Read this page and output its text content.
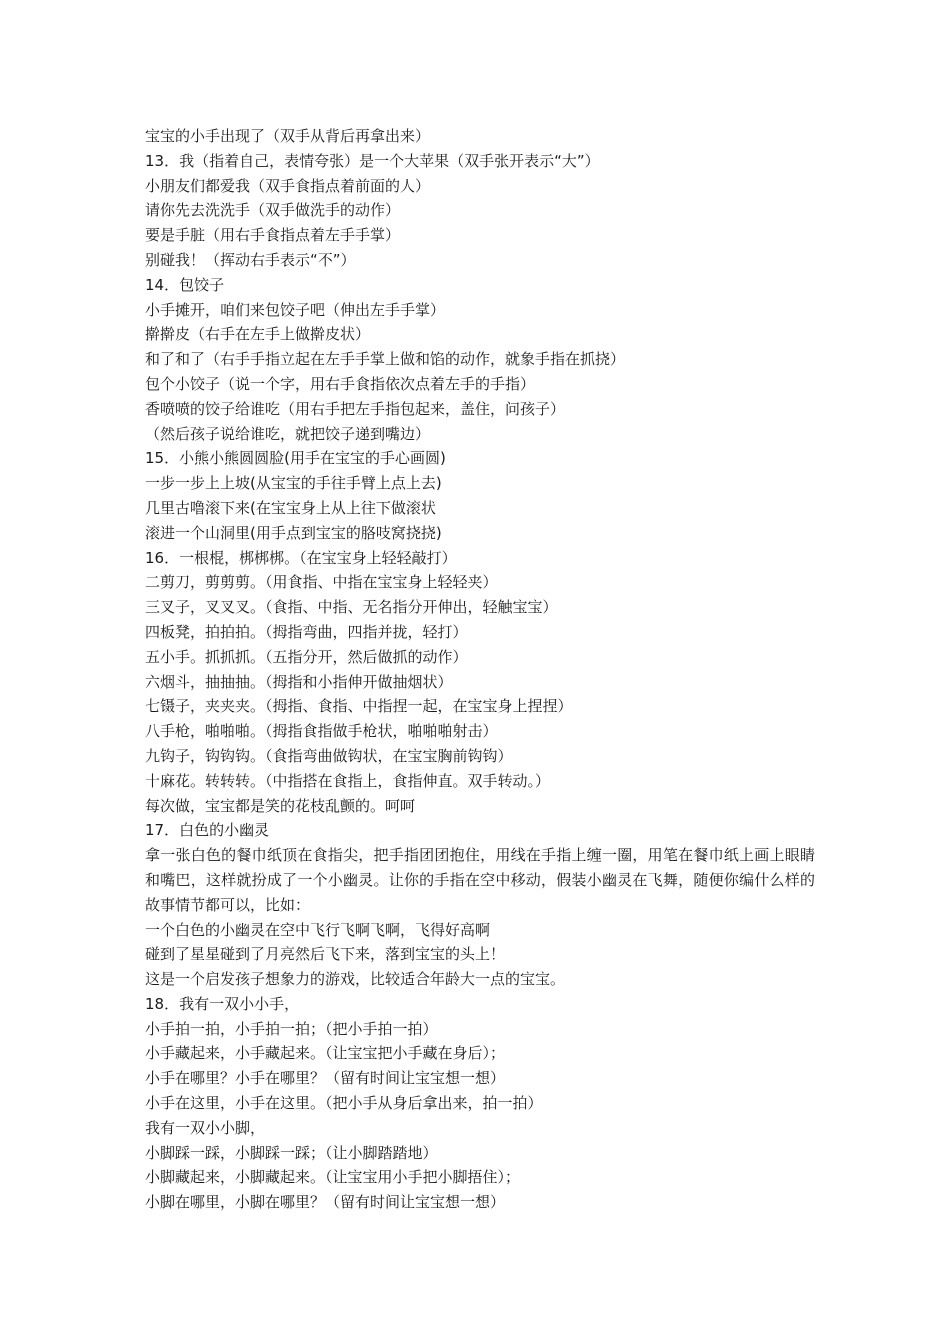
宝宝的小手出现了（双手从背后再拿出来）
13．我（指着自己，表情夸张）是一个大苹果（双手张开表示“大”）
小朋友们都爱我（双手食指点着前面的人）
请你先去洗洗手（双手做洗手的动作）
要是手脏（用右手食指点着左手手掌）
别碰我！（挥动右手表示“不”）
14．包饺子
小手摊开，咱们来包饺子吧（伸出左手手掌）
擀擀皮（右手在左手上做擀皮状）
和了和了（右手手指立起在左手手掌上做和馅的动作，就象手指在抓挠）
包个小饺子（说一个字，用右手食指依次点着左手的手指）
香喷喷的饺子给谁吃（用右手把左手指包起来，盖住，问孩子）
（然后孩子说给谁吃，就把饺子递到嘴边）
15．小熊小熊圆圆脸(用手在宝宝的手心画圆)
一步一步上上坡(从宝宝的手往手臂上点上去)
几里古噜滚下来(在宝宝身上从上往下做滚状
滚进一个山洞里(用手点到宝宝的胳吱窝挠挠)
16．一根棍，梆梆梆。（在宝宝身上轻轻敲打）
二剪刀，剪剪剪。（用食指、中指在宝宝身上轻轻夹）
三叉子，叉叉叉。（食指、中指、无名指分开伸出，轻触宝宝）
四板凳，拍拍拍。（拇指弯曲，四指并拢，轻打）
五小手。抓抓抓。（五指分开，然后做抓的动作）
六烟斗，抽抽抽。（拇指和小指伸开做抽烟状）
七镊子，夹夹夹。（拇指、食指、中指捏一起，在宝宝身上捏捏）
八手枪，啪啪啪。（拇指食指做手枪状，啪啪啪射击）
九钩子，钩钩钩。（食指弯曲做钩状，在宝宝胸前钩钩）
十麻花。转转转。（中指搭在食指上，食指伸直。双手转动。）
每次做，宝宝都是笑的花枝乱颤的。呵呵
17．白色的小幽灵
拿一张白色的餐巾纸顶在食指尖，把手指团团抱住，用线在手指上缠一圈，用笔在餐巾纸上画上眼睛和嘴巴，这样就扮成了一个小幽灵。让你的手指在空中移动，假装小幽灵在飞舞，随便你编什么样的故事情节都可以，比如：
一个白色的小幽灵在空中飞行飞啊飞啊，飞得好高啊
碰到了星星碰到了月亮然后飞下来，落到宝宝的头上！
这是一个启发孩子想象力的游戏，比较适合年龄大一点的宝宝。
18．我有一双小小手，
小手拍一拍，小手拍一拍；（把小手拍一拍）
小手藏起来，小手藏起来。（让宝宝把小手藏在身后）；
小手在哪里？小手在哪里？（留有时间让宝宝想一想）
小手在这里，小手在这里。（把小手从身后拿出来，拍一拍）
我有一双小小脚，
小脚踩一踩，小脚踩一踩；（让小脚踏踏地）
小脚藏起来，小脚藏起来。（让宝宝用小手把小脚捂住）；
小脚在哪里，小脚在哪里？（留有时间让宝宝想一想）
